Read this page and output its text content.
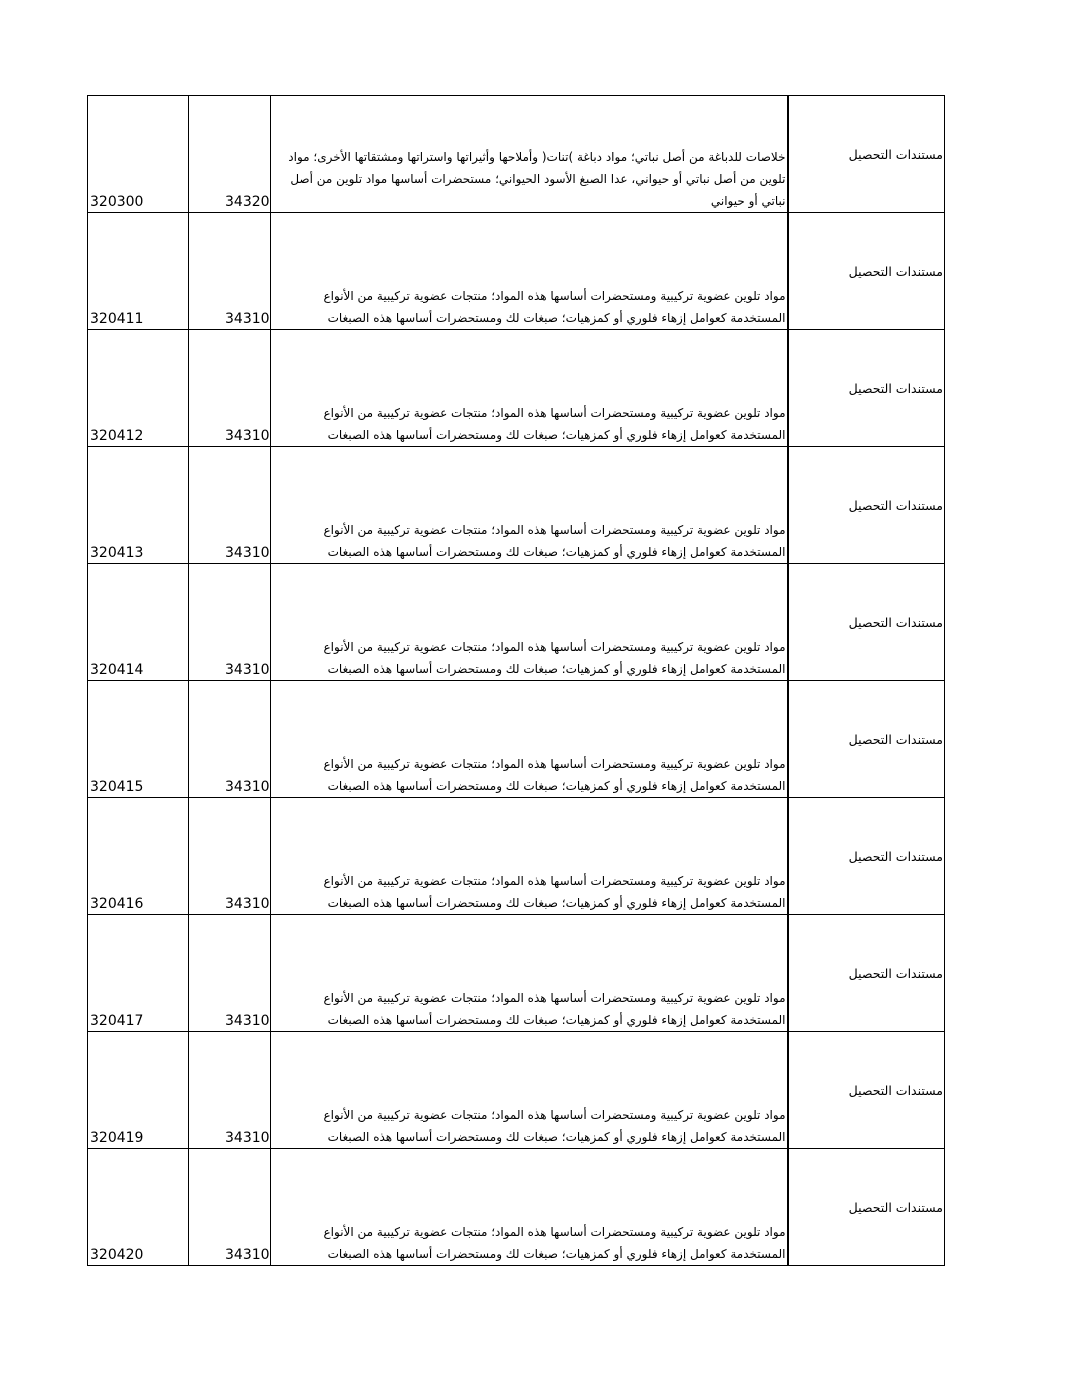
320300	34320	خلاصات للدباغة من أصل نباتي؛ مواد دباغة )تنات( وأملاحها وأثيراتها واستراتها ومشتقاتها الأخرى؛ مواد تلوين من أصل نباتي أو حيواني، عدا الصبغ الأسود الحيواني؛ مستحضرات أساسها مواد تلوين من أصل نباتي أو حيواني	مستندات التحصيل
320411	34310	مواد تلوين عضوية تركيبية ومستحضرات أساسها هذه المواد؛ منتجات عضوية تركيبية من الأنواع المستخدمة كعوامل إزهاء فلوري أو كمزهيات؛ صبغات لك ومستحضرات أساسها هذه الصبغات	مستندات التحصيل
320412	34310	مواد تلوين عضوية تركيبية ومستحضرات أساسها هذه المواد؛ منتجات عضوية تركيبية من الأنواع المستخدمة كعوامل إزهاء فلوري أو كمزهيات؛ صبغات لك ومستحضرات أساسها هذه الصبغات	مستندات التحصيل
320413	34310	مواد تلوين عضوية تركيبية ومستحضرات أساسها هذه المواد؛ منتجات عضوية تركيبية من الأنواع المستخدمة كعوامل إزهاء فلوري أو كمزهيات؛ صبغات لك ومستحضرات أساسها هذه الصبغات	مستندات التحصيل
320414	34310	مواد تلوين عضوية تركيبية ومستحضرات أساسها هذه المواد؛ منتجات عضوية تركيبية من الأنواع المستخدمة كعوامل إزهاء فلوري أو كمزهيات؛ صبغات لك ومستحضرات أساسها هذه الصبغات	مستندات التحصيل
320415	34310	مواد تلوين عضوية تركيبية ومستحضرات أساسها هذه المواد؛ منتجات عضوية تركيبية من الأنواع المستخدمة كعوامل إزهاء فلوري أو كمزهيات؛ صبغات لك ومستحضرات أساسها هذه الصبغات	مستندات التحصيل
320416	34310	مواد تلوين عضوية تركيبية ومستحضرات أساسها هذه المواد؛ منتجات عضوية تركيبية من الأنواع المستخدمة كعوامل إزهاء فلوري أو كمزهيات؛ صبغات لك ومستحضرات أساسها هذه الصبغات	مستندات التحصيل
320417	34310	مواد تلوين عضوية تركيبية ومستحضرات أساسها هذه المواد؛ منتجات عضوية تركيبية من الأنواع المستخدمة كعوامل إزهاء فلوري أو كمزهيات؛ صبغات لك ومستحضرات أساسها هذه الصبغات	مستندات التحصيل
320419	34310	مواد تلوين عضوية تركيبية ومستحضرات أساسها هذه المواد؛ منتجات عضوية تركيبية من الأنواع المستخدمة كعوامل إزهاء فلوري أو كمزهيات؛ صبغات لك ومستحضرات أساسها هذه الصبغات	مستندات التحصيل
320420	34310	مواد تلوين عضوية تركيبية ومستحضرات أساسها هذه المواد؛ منتجات عضوية تركيبية من الأنواع المستخدمة كعوامل إزهاء فلوري أو كمزهيات؛ صبغات لك ومستحضرات أساسها هذه الصبغات	مستندات التحصيل
